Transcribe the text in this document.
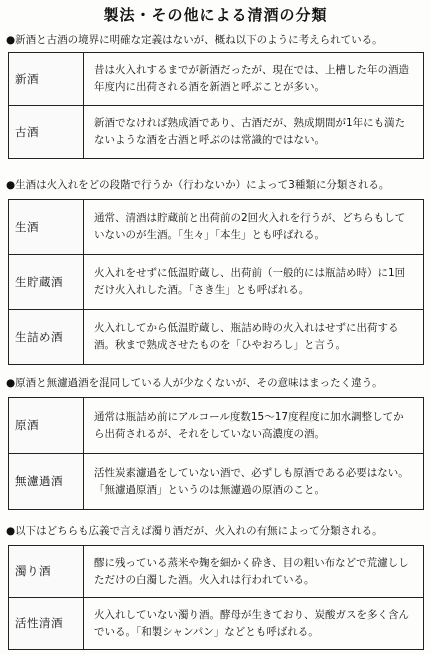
製法・その他による清酒の分類
●新酒と古酒の境界に明確な定義はないが、概ね以下のように考えられている。
新酒	昔は火入れするまでが新酒だったが、現在では、上槽した年の酒造年度内に出荷される酒を新酒と呼ぶことが多い。
古酒	新酒でなければ熟成酒であり、古酒だが、熟成期間が1年にも満たないような酒を古酒と呼ぶのは常識的ではない。
●生酒は火入れをどの段階で行うか（行わないか）によって3種類に分類される。
生酒	通常、清酒は貯蔵前と出荷前の2回火入れを行うが、どちらもしていないのが生酒。「生々」「本生」とも呼ばれる。
生貯蔵酒	火入れをせずに低温貯蔵し、出荷前（一般的には瓶詰め時）に1回だけ火入れした酒。「さき生」とも呼ばれる。
生詰め酒	火入れしてから低温貯蔵し、瓶詰め時の火入れはせずに出荷する酒。秋まで熟成させたものを「ひやおろし」と言う。
●原酒と無濾過酒を混同している人が少なくないが、その意味はまったく違う。
原酒	通常は瓶詰め前にアルコール度数15〜17度程度に加水調整してから出荷されるが、それをしていない高濃度の酒。
無濾過酒	活性炭素濾過をしていない酒で、必ずしも原酒である必要はない。「無濾過原酒」というのは無濾過の原酒のこと。
●以下はどちらも広義で言えば濁り酒だが、火入れの有無によって分類される。
濁り酒	醪に残っている蒸米や麹を細かく砕き、目の粗い布などで荒濾ししただけの白濁した酒。火入れは行われている。
活性清酒	火入れしていない濁り酒。酵母が生きており、炭酸ガスを多く含んでいる。「和製シャンパン」などとも呼ばれる。
